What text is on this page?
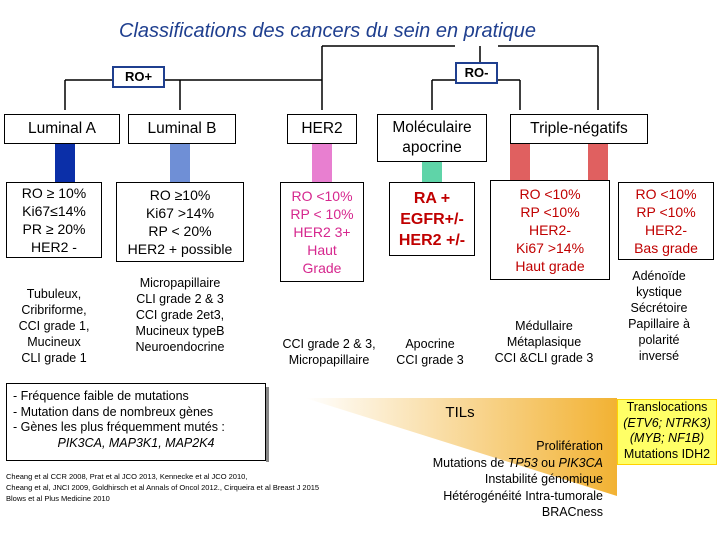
Classifications des cancers du sein en pratique
RO+	RO-
Luminal A	Luminal B	HER2	Moléculaire
apocrine
Triple-négatifs
RO ≥ 10%
Ki67≤14%
PR ≥ 20%
HER2 -
RO ≥10%
Ki67 >14%
RP < 20%
HER2 + possible
RO <10%
RP < 10%
HER2 3+
Haut
Grade
RA +
EGFR+/-
HER2 +/-
RO <10%
RP <10%
HER2-
Ki67 >14%
Haut grade
RO <10%
RP <10%
HER2-
Bas grade
Tubuleux,
Cribriforme,
CCI grade 1,
Mucineux
CLI grade 1
Micropapillaire
CLI grade 2 & 3
CCI grade 2et3,
Mucineux typeB
Neuroendocrine	CCI grade 2 & 3,
Micropapillaire
Apocrine
CCI grade 3
Médullaire
Métaplasique
CCI &CLI grade 3
Adénoïde
kystique
Sécrétoire
Papillaire à
polarité
inversé
- Fréquence faible de mutations
- Mutation dans de nombreux gènes
- Gènes les plus fréquemment mutés :
PIK3CA, MAP3K1, MAP2K4
TILs
Prolifération
Mutations de TP53 ou PIK3CA
Instabilité génomique
Hétérogénéité Intra-tumorale
BRACness
Translocations
(ETV6; NTRK3)
(MYB; NF1B)
Mutations IDH2
Cheang et al CCR 2008, Prat et al JCO 2013, Kennecke et al JCO 2010,
Cheang et al, JNCI 2009, Goldhirsch et al Annals of Oncol 2012., Cirqueira et al Breast J 2015
Blows et al Plus Medicine 2010
